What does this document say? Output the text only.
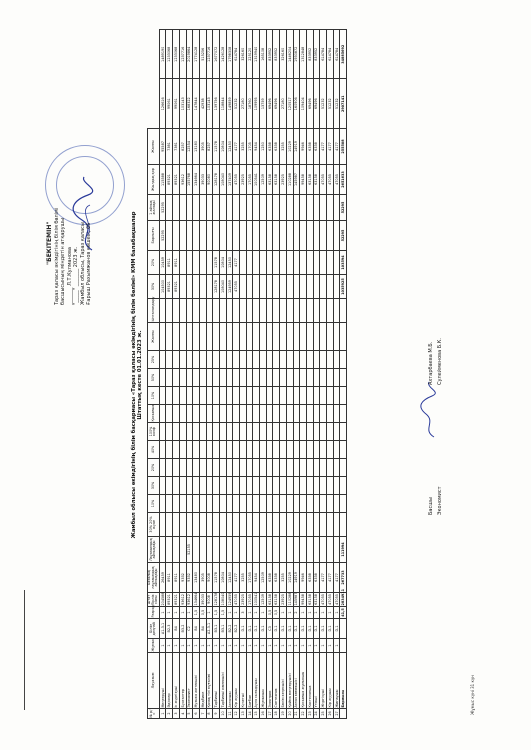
"БЕКІТЕМІН" Тараз қаласы әкімдігінің білім бөлімі басшысының міндетін атқарушы _______ Л.Т.Кулманова "_____" _______ 2023 ж. Жамбыл облысы, Тараз қаласы Ғарыш Рахымжанов көшесі, 66	Жамбыл облысы әкімдігінің білім басқармасы «Тараз қаласы әкімдігінің білім бөлімі» КММ балабақшалар Штаттық кесте 01.01.2023 ж.
№ р/с	Лауазым	Жұмыс	Білім деңгейі	Разряд	Штат бірлік саны	Базалық лауазымдық айлықақы	Лауазымдық айлықақы	30% 20% жуан	10%	30%	20%	40%	100% коэф	Қосымша	10%	50%	25%	Жалпы	Ынталандыру	30%	20%	Барлығы	1 айлық жалақы	Жылдық қор	Жалпы		
1	Меңгеруші	1	А1-3-1	1	204588	26459														104500	10459	52295	52295	115588	95587	126616	1489190
2	Әдіскер	1	В2-3	1	89321	8911														89321	8911			89321	7381	99061	1233068
3	Іс жүргізуші	1	В4	1	89321	8911														89321	8911			89321	7381	99061	1233068
4	Бухгалтер	1	В3-2	1	93612	9332																		93612	8257	103143	1237716
5	Экономист	1	С2	1	93612	9332	52155																	155768	12554	168322	2019864
6	Музыка жетекшісі	1	В4	1,5	134664	13480																		134664	13180	147844	1774128
7	Медбике	1	В4	0,5	39033	3905																		39033	3905	42938	515256
8	Қазақ тілі мұғалімі	1	А2-3-1	1	9008	9008																		90080	8257	103143	1237716
9	Тәрбиеші	1	В3-1	1,5	128178	11578														128178	11578			128178	11578	139756	1677072
10	Тәрбиеші көмекшісі	1	В3-1	1,5	108040	10804														108040	10804			108040	10804	118844	1426128
11	Аспазшы	1	В2-2	1	124959	12450														124959	12450			137409	12450	149859	1798308
12	Кір жуушы	1	В2-2	1	47055	4177														47055	4177			47055	4177	51232	614784
13	Күзетші	1	D-1	3	23925	3255																		23925	3255	27180	326160
14	Бағбан	1	D-1	1	17055	17055																		17055	1705	18760	225120
15	Аула сыпырушы	1	D-1	1	100541	9454																		100541	9454	109995	1319940
16	Жұмысшы	1	D-1	1	12509	12509																		12509	1250	13759	165108
17	Электрик	1	С3	0,5	63158	6338																		63158	6338	69496	833952
18	Сантехник	1	D-1	0,5	63158	6338																		63158	6338	69496	833952
19	Бөлім кеңесшісі	1	D-1	1	23925	3255																		23925	3255	27180	326160
20	Қойма меңгерушісі	1	D-1	1	110288	10229																		110288	10229	120517	1446204
21	Аспаз көмекшісі	1	D-1	2	145987	14919																		145987	14919	160906	1930872
22	Қосымша жұмысшы	1	D-1	1	99458	9946																		99458	9946	109404	1312848
23	Кастелянша	1	D-1	1	63158	6338																		63158	6338	69496	833952
24	Үтікші	1	D-1	1	63158	6338																		63158	6338	69496	833952
25	Жүргізуші	1	D-1	1	47055	4177																		47055	4177	51232	614784
26	Кір жуушы	1	D-1	1	47055	4177																		47055	4177	51232	614784
27	Жинаушы	1	D-1	1	47055	4177																		47055	4177	51232	614784
	Барлығы			41,5	2834911	267733	111994													1035925	103594	52295	52295	2651633	255508	2907141	34885692
Басшы
Ахтарбаева М.Б.
Экономист
Сулейменова Б.К.
Жұмыс күні 31 күн
